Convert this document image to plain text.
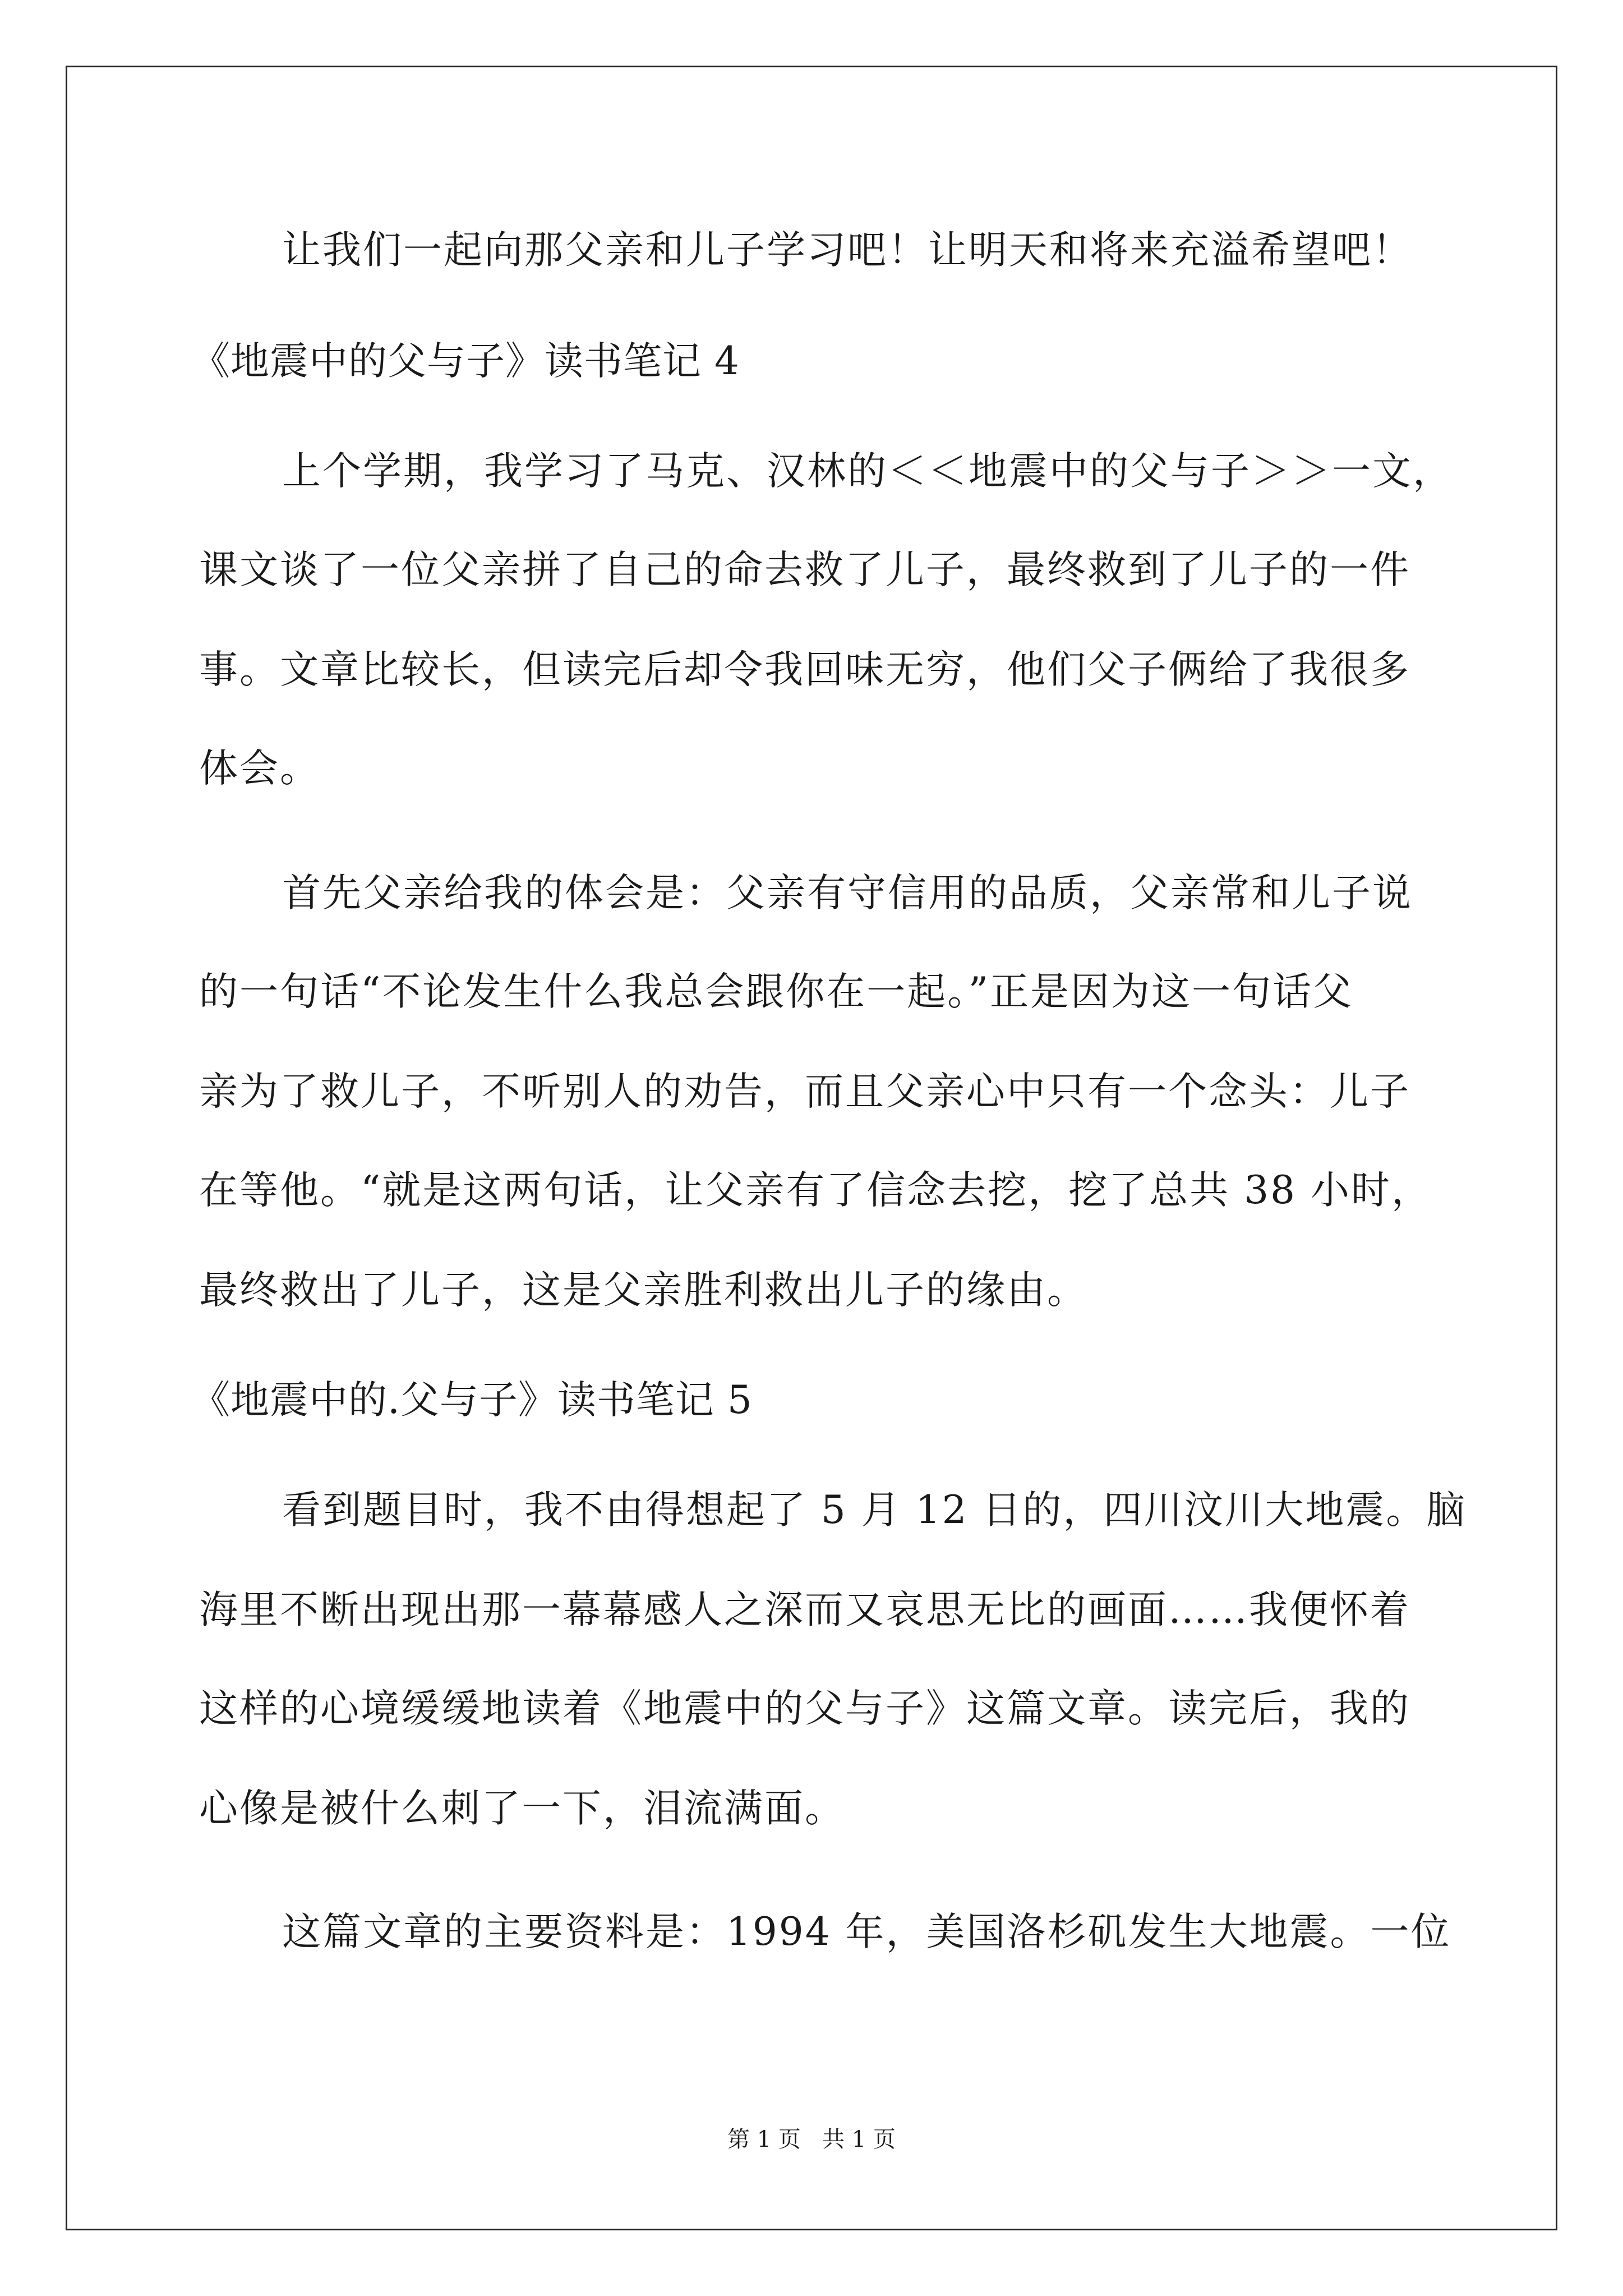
让我们一起向那父亲和儿子学习吧！让明天和将来充溢希望吧！
《地震中的父与子》读书笔记 4
上个学期，我学习了马克、汉林的＜＜地震中的父与子＞＞一文，
课文谈了一位父亲拼了自己的命去救了儿子，最终救到了儿子的一件
事。文章比较长，但读完后却令我回味无穷，他们父子俩给了我很多
体会。
首先父亲给我的体会是：父亲有守信用的品质，父亲常和儿子说
的一句话“不论发生什么我总会跟你在一起。”正是因为这一句话父
亲为了救儿子，不听别人的劝告，而且父亲心中只有一个念头：儿子
在等他。“就是这两句话，让父亲有了信念去挖，挖了总共 38 小时，
最终救出了儿子，这是父亲胜利救出儿子的缘由。
《地震中的.父与子》读书笔记 5
看到题目时，我不由得想起了 5 月 12 日的，四川汶川大地震。脑
海里不断出现出那一幕幕感人之深而又哀思无比的画面……我便怀着
这样的心境缓缓地读着《地震中的父与子》这篇文章。读完后，我的
心像是被什么刺了一下，泪流满面。
这篇文章的主要资料是：1994 年，美国洛杉矶发生大地震。一位
第 1 页   共 1 页
